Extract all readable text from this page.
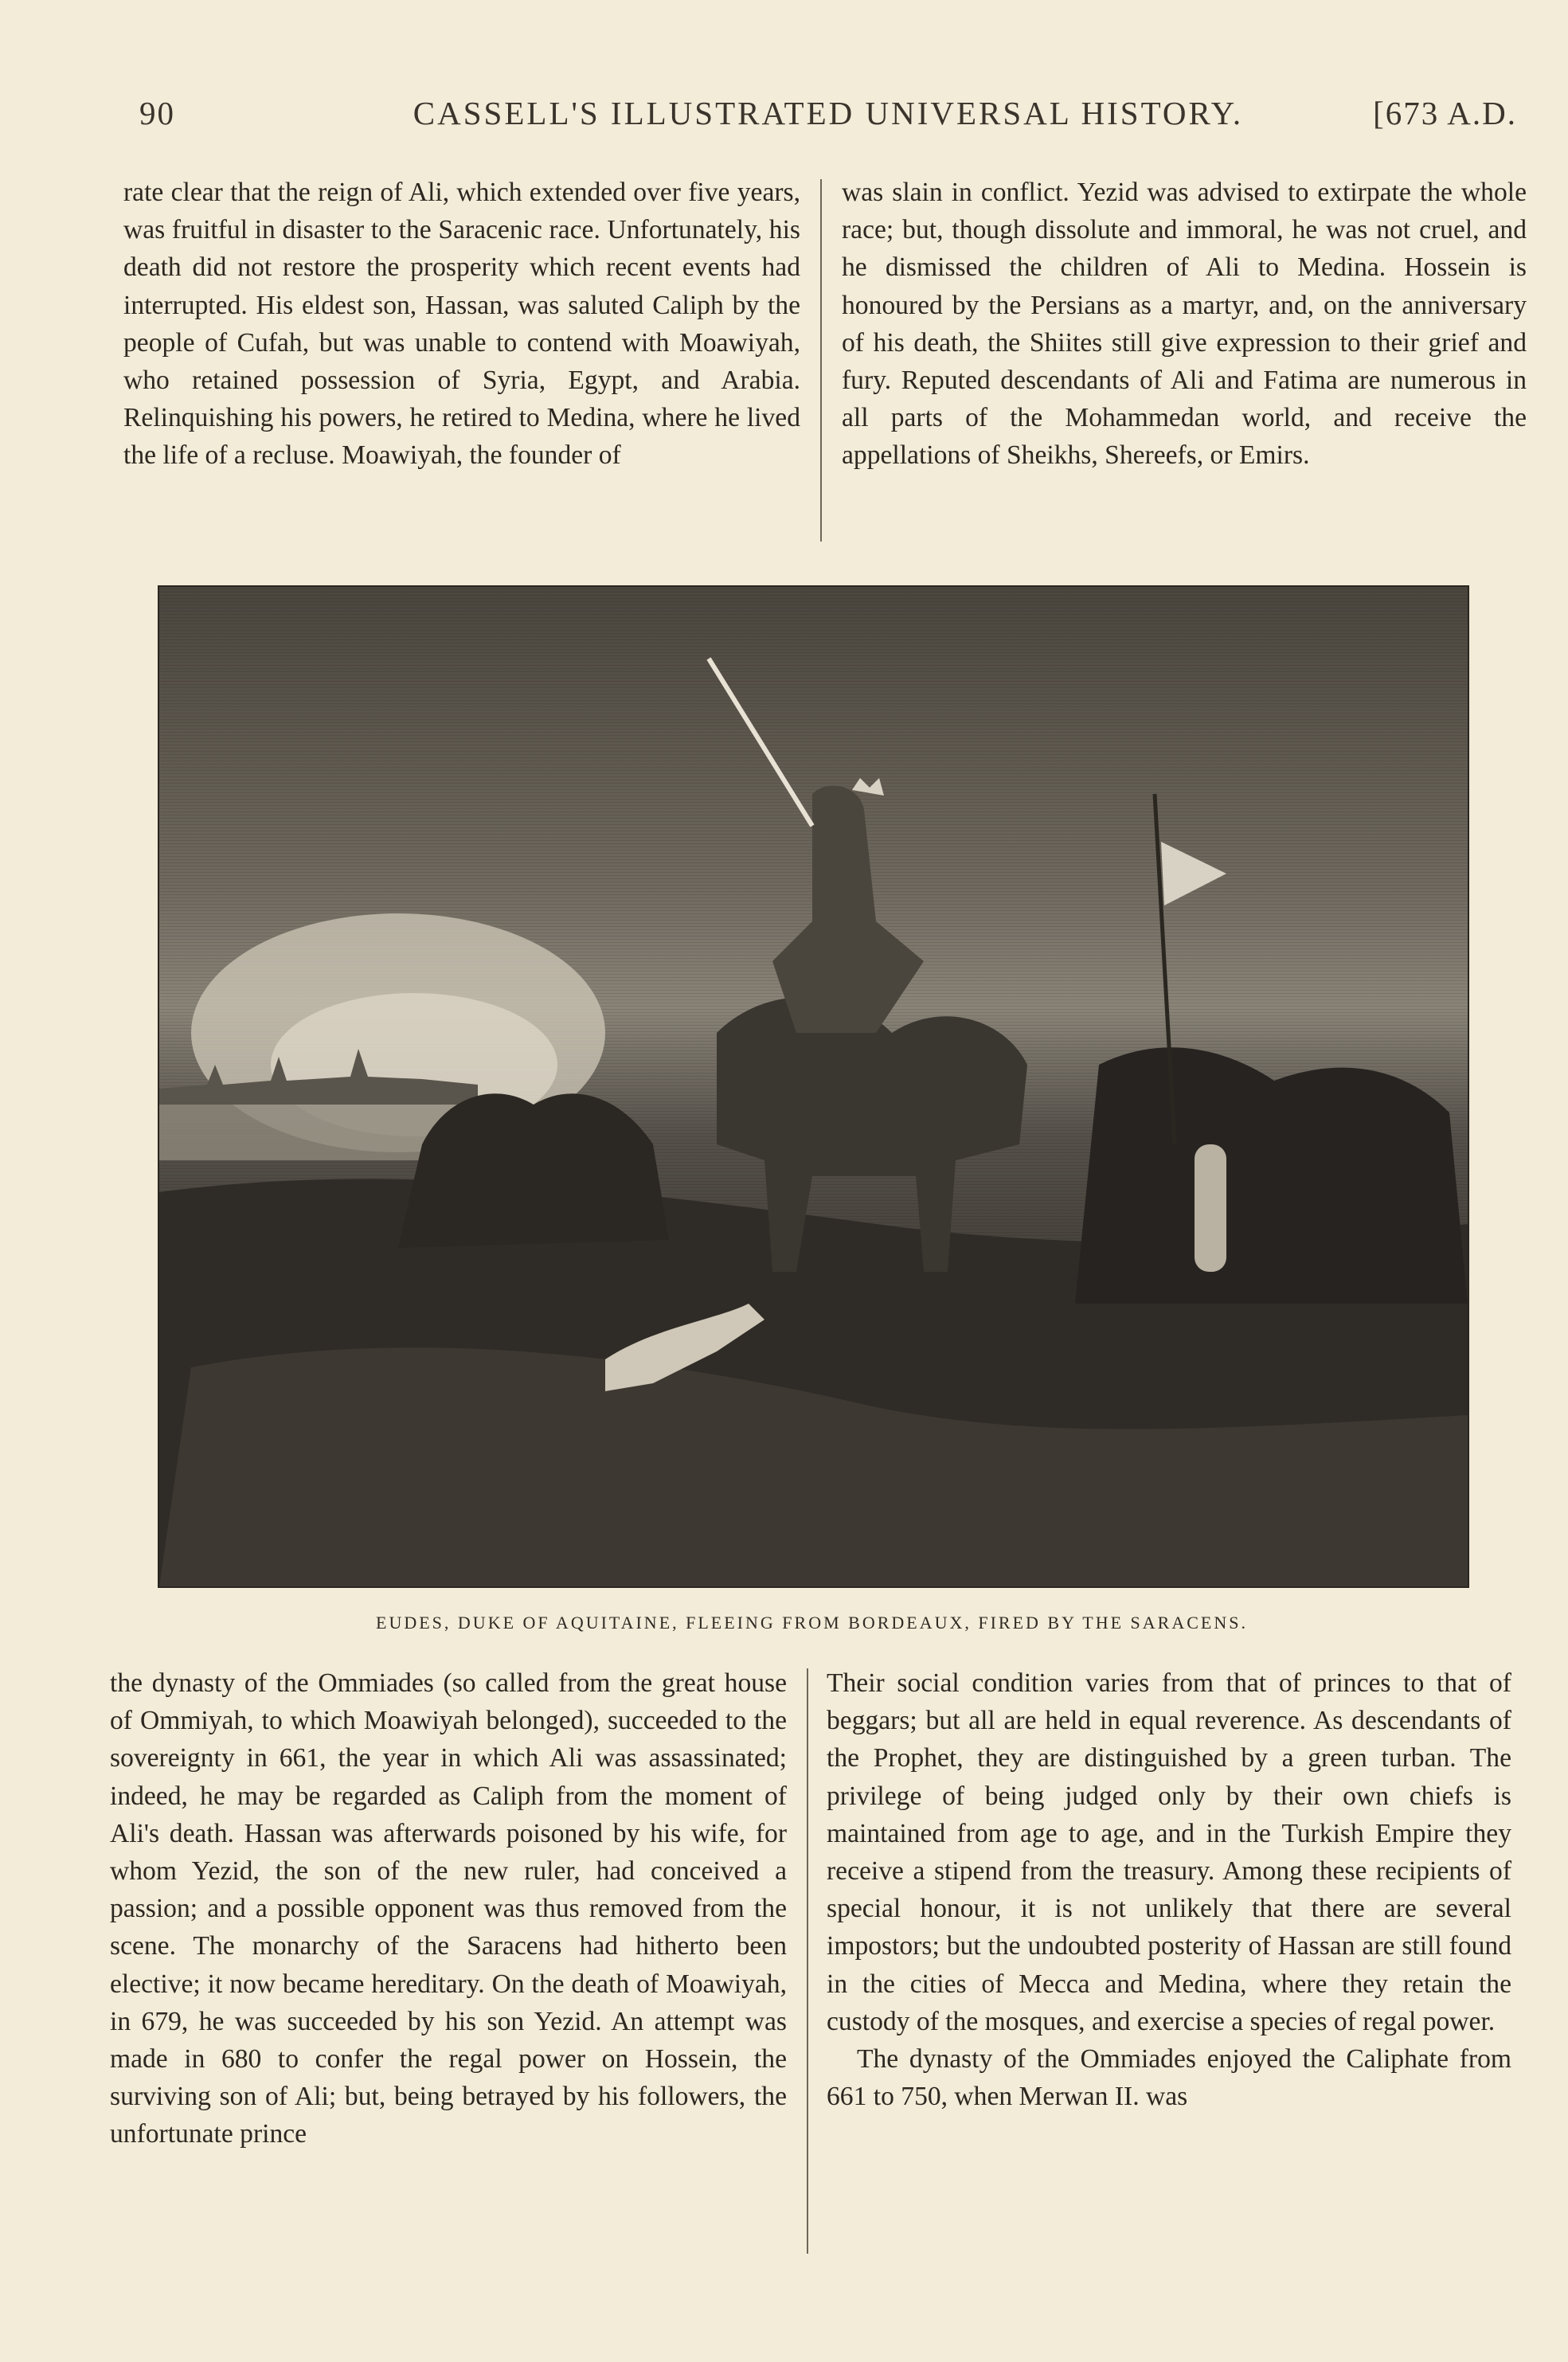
90	CASSELL'S ILLUSTRATED UNIVERSAL HISTORY.	[673 A.D.

rate clear that the reign of Ali, which extended over five years, was fruitful in disaster to the Saracenic race. Unfortunately, his death did not restore the prosperity which recent events had interrupted. His eldest son, Hassan, was saluted Caliph by the people of Cufah, but was unable to contend with Moawiyah, who retained possession of Syria, Egypt, and Arabia. Relinquishing his powers, he retired to Medina, where he lived the life of a recluse. Moawiyah, the founder of

was slain in conflict. Yezid was advised to extirpate the whole race; but, though dissolute and immoral, he was not cruel, and he dismissed the children of Ali to Medina. Hossein is honoured by the Persians as a martyr, and, on the anniversary of his death, the Shiites still give expression to their grief and fury. Reputed descendants of Ali and Fatima are numerous in all parts of the Mohammedan world, and receive the appellations of Sheikhs, Shereefs, or Emirs.

EUDES, DUKE OF AQUITAINE, FLEEING FROM BORDEAUX, FIRED BY THE SARACENS.

the dynasty of the Ommiades (so called from the great house of Ommiyah, to which Moawiyah belonged), succeeded to the sovereignty in 661, the year in which Ali was assassinated; indeed, he may be regarded as Caliph from the moment of Ali's death. Hassan was afterwards poisoned by his wife, for whom Yezid, the son of the new ruler, had conceived a passion; and a possible opponent was thus removed from the scene. The monarchy of the Saracens had hitherto been elective; it now became hereditary. On the death of Moawiyah, in 679, he was succeeded by his son Yezid. An attempt was made in 680 to confer the regal power on Hossein, the surviving son of Ali; but, being betrayed by his followers, the unfortunate prince

Their social condition varies from that of princes to that of beggars; but all are held in equal reverence. As descendants of the Prophet, they are distinguished by a green turban. The privilege of being judged only by their own chiefs is maintained from age to age, and in the Turkish Empire they receive a stipend from the treasury. Among these recipients of special honour, it is not unlikely that there are several impostors; but the undoubted posterity of Hassan are still found in the cities of Mecca and Medina, where they retain the custody of the mosques, and exercise a species of regal power.

The dynasty of the Ommiades enjoyed the Caliphate from 661 to 750, when Merwan II. was
